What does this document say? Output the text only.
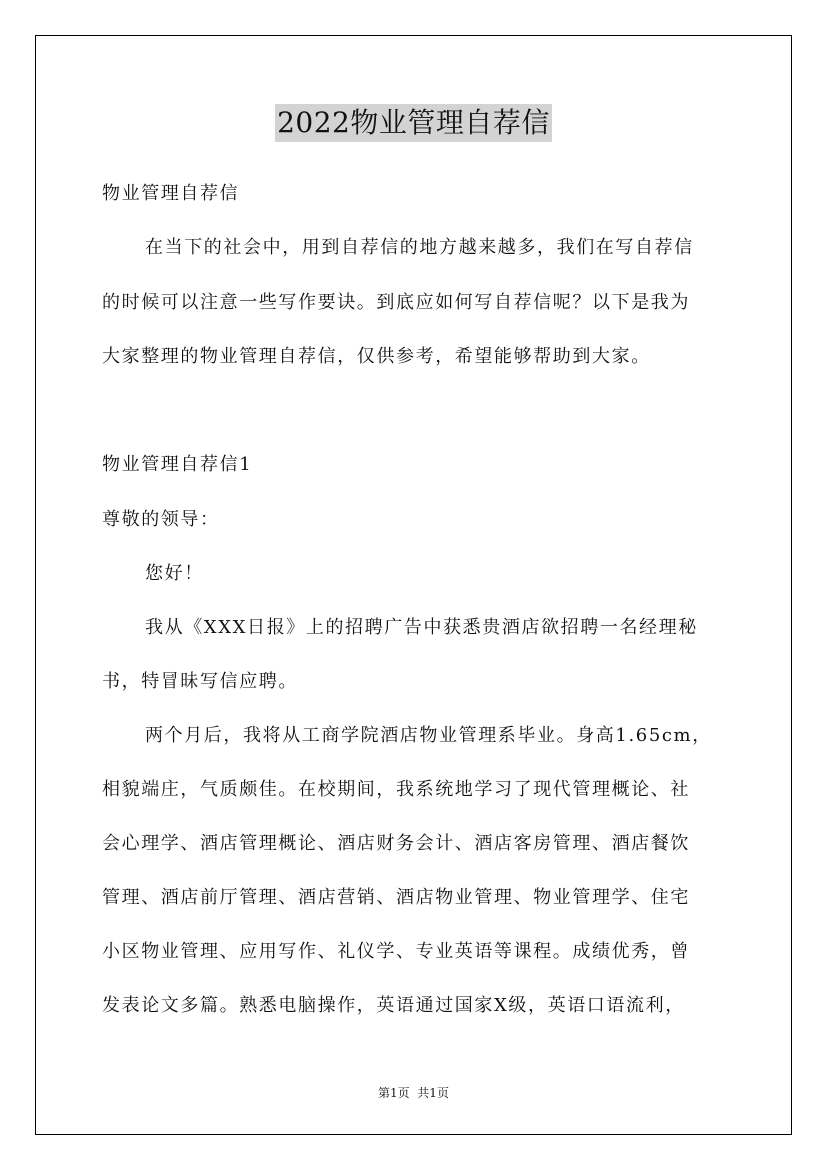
2022物业管理自荐信
物业管理自荐信
在当下的社会中，用到自荐信的地方越来越多，我们在写自荐信
的时候可以注意一些写作要诀。到底应如何写自荐信呢？以下是我为
大家整理的物业管理自荐信，仅供参考，希望能够帮助到大家。
物业管理自荐信1
尊敬的领导：
您好！
我从《XXX日报》上的招聘广告中获悉贵酒店欲招聘一名经理秘
书，特冒昧写信应聘。
两个月后，我将从工商学院酒店物业管理系毕业。身高1.65cm，
相貌端庄，气质颇佳。在校期间，我系统地学习了现代管理概论、社
会心理学、酒店管理概论、酒店财务会计、酒店客房管理、酒店餐饮
管理、酒店前厅管理、酒店营销、酒店物业管理、物业管理学、住宅
小区物业管理、应用写作、礼仪学、专业英语等课程。成绩优秀，曾
发表论文多篇。熟悉电脑操作，英语通过国家X级，英语口语流利，
第1页  共1页
